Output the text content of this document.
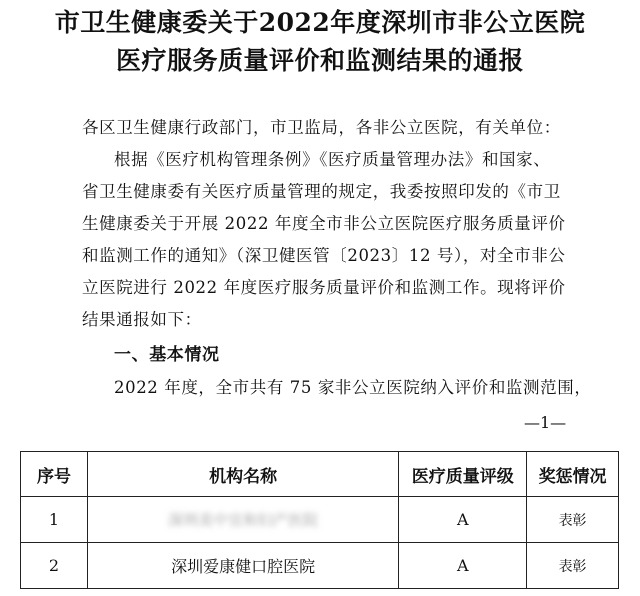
市卫生健康委关于2022年度深圳市非公立医院
医疗服务质量评价和监测结果的通报
各区卫生健康行政部门，市卫监局，各非公立医院，有关单位：
根据《医疗机构管理条例》《医疗质量管理办法》和国家、
省卫生健康委有关医疗质量管理的规定，我委按照印发的《市卫
生健康委关于开展 2022 年度全市非公立医院医疗服务质量评价
和监测工作的通知》（深卫健医管〔2023〕12 号），对全市非公
立医院进行 2022 年度医疗服务质量评价和监测工作。现将评价
结果通报如下：
一、基本情况
2022 年度，全市共有 75 家非公立医院纳入评价和监测范围，
—1—
序号	机构名称	医疗质量评级	奖惩情况
1	深圳美中宜和妇产医院	A	表彰
2	深圳爱康健口腔医院	A	表彰
